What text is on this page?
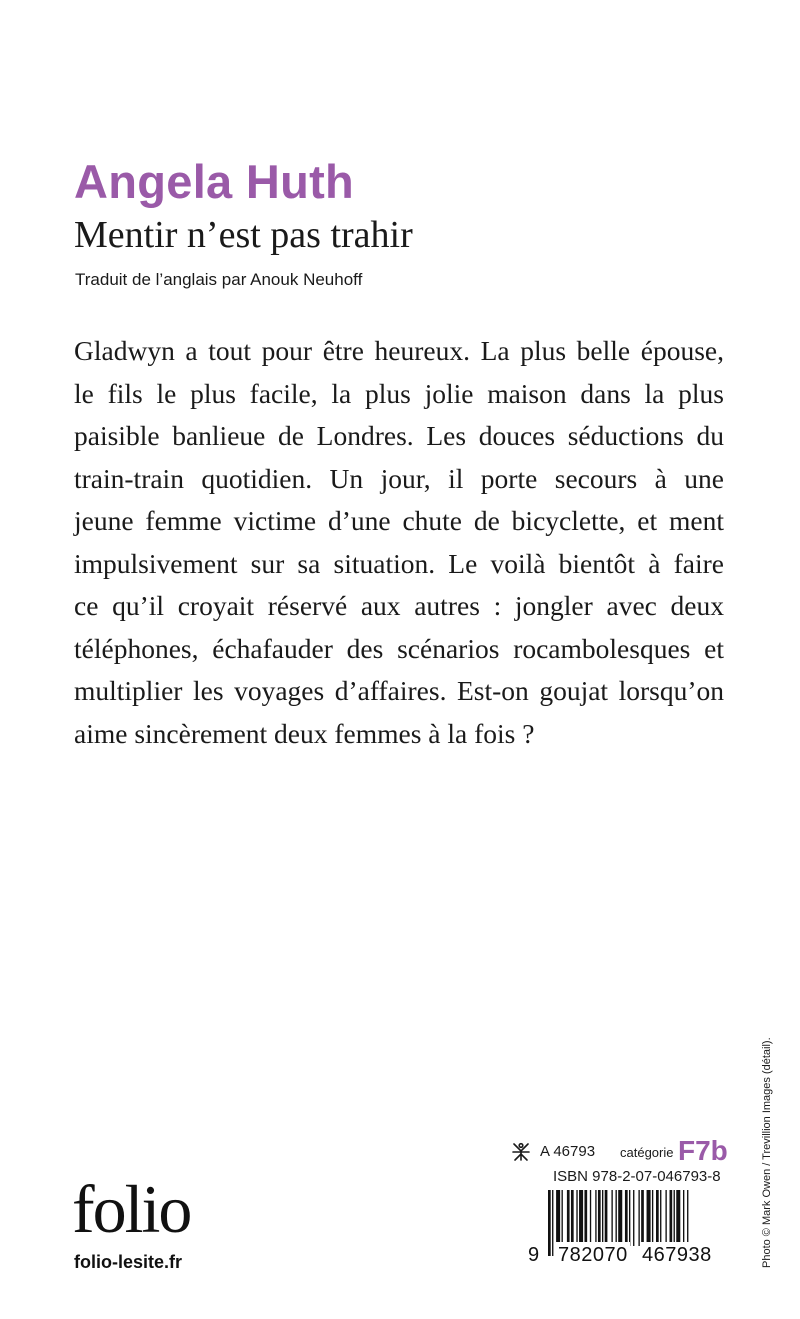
Angela Huth
Mentir n’est pas trahir
Traduit de l’anglais par Anouk Neuhoff
Gladwyn a tout pour être heureux. La plus belle épouse,
le fils le plus facile, la plus jolie maison dans la plus
paisible banlieue de Londres. Les douces séductions du
train-train quotidien. Un jour, il porte secours à une
jeune femme victime d’une chute de bicyclette, et ment
impulsivement sur sa situation. Le voilà bientôt à faire
ce qu’il croyait réservé aux autres : jongler avec deux
téléphones, échafauder des scénarios rocambolesques et
multiplier les voyages d’affaires. Est-on goujat lorsqu’on
aime sincèrement deux femmes à la fois ?
Photo © Mark Owen / Trevillion Images (détail).
folio
folio-lesite.fr
A 46793 catégorie F7b
ISBN 978-2-07-046793-8
9 782070 467938
